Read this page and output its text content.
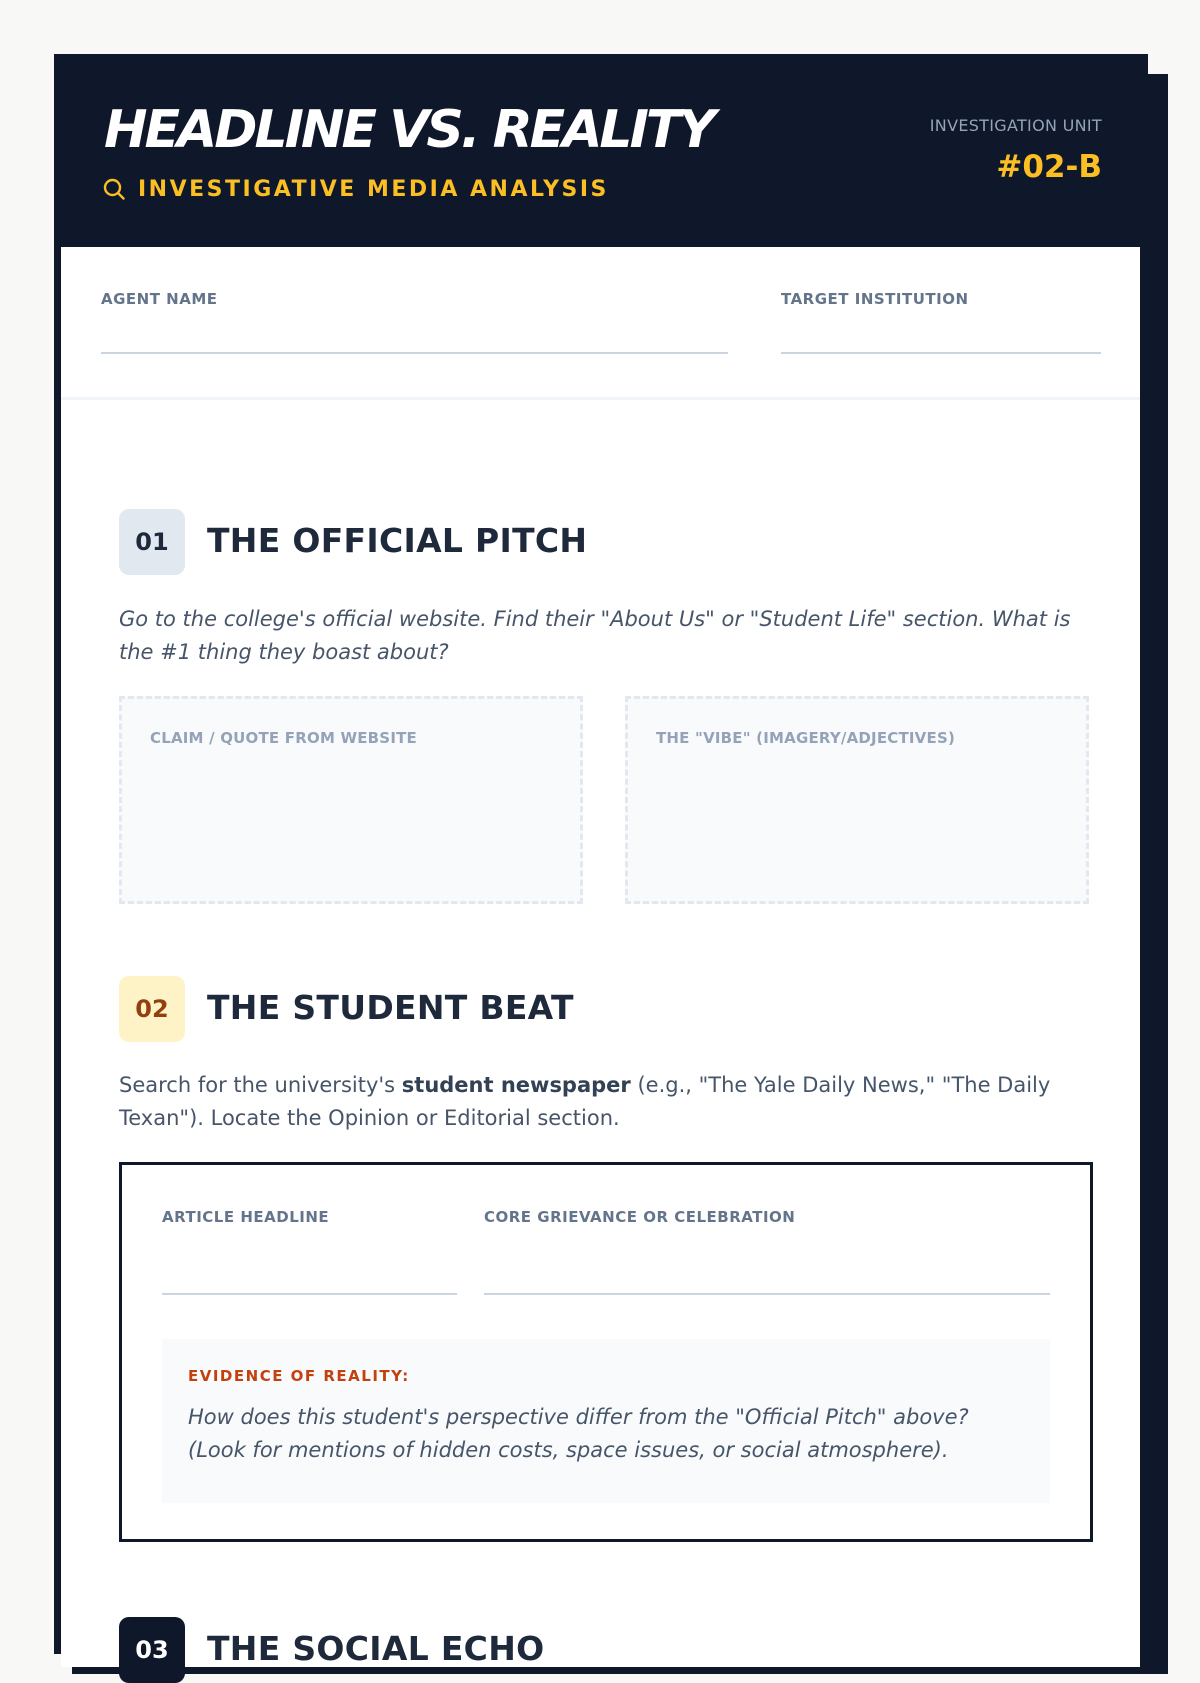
HEADLINE VS. REALITY	INVESTIGATION UNIT
#02-B
INVESTIGATIVE MEDIA ANALYSIS
AGENT NAME	TARGET INSTITUTION
01	THE OFFICIAL PITCH
Go to the college's official website. Find their "About Us" or "Student Life" section. What is the #1 thing they boast about?
CLAIM / QUOTE FROM WEBSITE	THE "VIBE" (IMAGERY/ADJECTIVES)
02	THE STUDENT BEAT
Search for the university's student newspaper (e.g., "The Yale Daily News," "The Daily Texan"). Locate the Opinion or Editorial section.
ARTICLE HEADLINE	CORE GRIEVANCE OR CELEBRATION
EVIDENCE OF REALITY:
How does this student's perspective differ from the "Official Pitch" above? (Look for mentions of hidden costs, space issues, or social atmosphere).
03	THE SOCIAL ECHO
